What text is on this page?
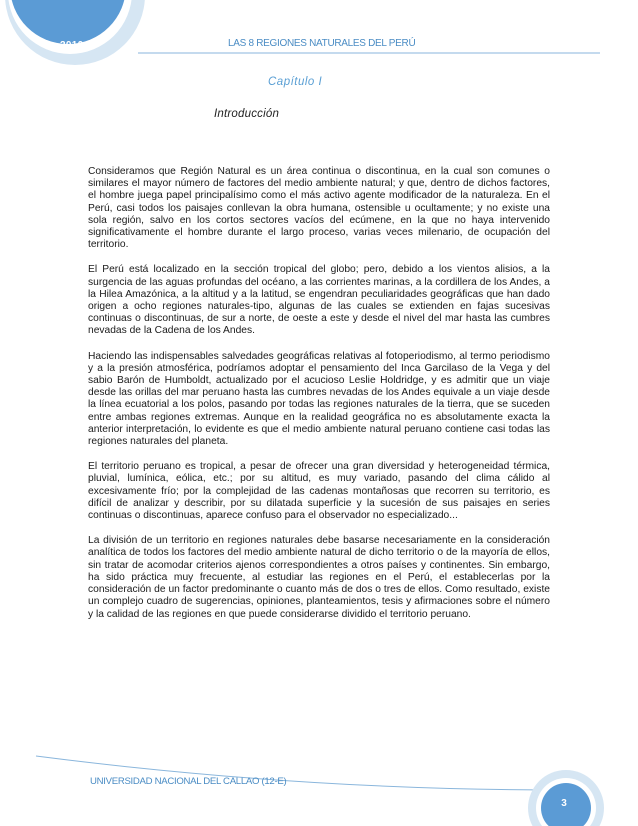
2010.	LAS 8 REGIONES NATURALES DEL PERÚ
Capítulo I
Introducción

Consideramos que Región Natural es un área continua o discontinua, en la cual son comunes o similares el mayor número de factores del medio ambiente natural; y que, dentro de dichos factores, el hombre juega papel principalísimo como el más activo agente modificador de la naturaleza. En el Perú, casi todos los paisajes conllevan la obra humana, ostensible u ocultamente; y no existe una sola región, salvo en los cortos sectores vacíos del ecúmene, en la que no haya intervenido significativamente el hombre durante el largo proceso, varias veces milenario, de ocupación del territorio.

El Perú está localizado en la sección tropical del globo; pero, debido a los vientos alisios, a la surgencia de las aguas profundas del océano, a las corrientes marinas, a la cordillera de los Andes, a la Hilea Amazónica, a la altitud y a la latitud, se engendran peculiaridades geográficas que han dado origen a ocho regiones naturales-tipo, algunas de las cuales se extienden en fajas sucesivas continuas o discontinuas, de sur a norte, de oeste a este y desde el nivel del mar hasta las cumbres nevadas de la Cadena de los Andes.

Haciendo las indispensables salvedades geográficas relativas al fotoperiodismo, al termo periodismo y a la presión atmosférica, podríamos adoptar el pensamiento del Inca Garcilaso de la Vega y del sabio Barón de Humboldt, actualizado por el acucioso Leslie Holdridge, y es admitir que un viaje desde las orillas del mar peruano hasta las cumbres nevadas de los Andes equivale a un viaje desde la línea ecuatorial a los polos, pasando por todas las regiones naturales de la tierra, que se suceden entre ambas regiones extremas. Aunque en la realidad geográfica no es absolutamente exacta la anterior interpretación, lo evidente es que el medio ambiente natural peruano contiene casi todas las regiones naturales del planeta.

El territorio peruano es tropical, a pesar de ofrecer una gran diversidad y heterogeneidad térmica, pluvial, lumínica, eólica, etc.; por su altitud, es muy variado, pasando del clima cálido al excesivamente frío; por la complejidad de las cadenas montañosas que recorren su territorio, es difícil de analizar y describir, por su dilatada superficie y la sucesión de sus paisajes en series continuas o discontinuas, aparece confuso para el observador no especializado...

La división de un territorio en regiones naturales debe basarse necesariamente en la consideración analítica de todos los factores del medio ambiente natural de dicho territorio o de la mayoría de ellos, sin tratar de acomodar criterios ajenos correspondientes a otros países y continentes. Sin embargo, ha sido práctica muy frecuente, al estudiar las regiones en el Perú, el establecerlas por la consideración de un factor predominante o cuanto más de dos o tres de ellos. Como resultado, existe un complejo cuadro de sugerencias, opiniones, planteamientos, tesis y afirmaciones sobre el número y la calidad de las regiones en que puede considerarse dividido el territorio peruano.

UNIVERSIDAD NACIONAL DEL CALLAO (12-E)
3
